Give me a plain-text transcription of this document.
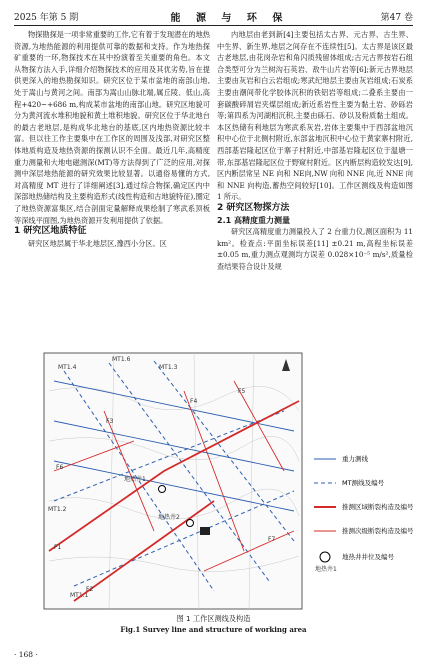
2025 年第 5 期	能 源 与 环 保	第47 卷

物探勘探是一项非常重要的工作,它有着于发现潜在的地热资源,为地热能源的利用提供可靠的数据和支持。作为地热探矿重要的一环,物探技术在其中扮演着至关重要的角色。本文从物探方法入手,详细介绍物探技术的应用及其优劣势,旨在提供更深入的地热勘探知识。研究区位于某市盆地的南部山地,处于嵩山与黄河之间。南部为嵩山山脉北端,属丘陵、低山,高程+420~+686 m,构成某市盆地的南部山地。研究区地貌可分为黄河流水堆积地貌和黄土堆积地貌。研究区位于华北地台的最古老地层,是构成华北地台的基底,区内地热资源比较丰富。但以往工作主要集中在工作区的周围及浅部,对研究区整体地质构造及地热资源的探测认识不全面。最近几年,高精度重力测量和大地电磁测深(MT)等方法得到了广泛的应用,对探测中深层地热能源的研究效果比较显著。以通俗易懂的方式,对高精度 MT 进行了详细阐述[3],通过综合物探,确定区内中深部地热储结构及主要构造形式(线性构造和古地貌特征),圈定了地热资源富集区,结合剖面定量解释成果绘制了寒武系顶板等深线平面图,为地热资源开发利用提供了依据。

1 研究区地质特征

研究区地层属于华北地层区,豫西小分区。区

内地层由老到新[4]主要包括太古界、元古界、古生界、中生界、新生界,地层之间存在不连续性[5]。太古界是该区最古老地层,由花岗杂岩和角闪质残留体组成;古元古界按岩石组合类型可分为兰树沟石英岩、敌牛山片岩等[6];新元古界地层主要由灰岩和白云岩组成;寒武纪地层主要由灰岩组成;石炭系主要由潮间带化学胶体沉积的铁铝岩等组成;二叠系主要由一套碳酸碎屑岩夹煤层组成;新近系岩性主要为黏土岩、砂砾岩等;第四系为河湖相沉积,主要由砾石、砂以及粉质黏土组成。本区热储有利地层为寒武系灰岩,岩体主要集中于西部盆地沉积中心位于北侧村附近,东部盆地沉积中心位于黄家寨村附近,西部基岩隆起区位于寨子村附近,中部基岩隆起区位于温塘一带,东部基岩隆起区位于野窥村附近。区内断层构造较发达[9],区内断层常呈 NE 向和 NE向,NW 向和 NNE 向,近 NNE 向和 NNE 向构造,蓄热空间较好[10]。工作区测线及构造如图 1 所示。

2 研究区物探方法

2.1 高精度重力测量

研究区高精度重力测量投入了 2 台重力仪,测区面积为 11 km²。检查点:平面坐标误差[11] ±0.21 m,高程坐标误差 ±0.05 m,重力测点观测均方误差 0.028×10⁻⁵ m/s²,质量检查结果符合设计及规

MT1.4
MT1.6
MT1.3
MT1.2
MT1.1
F1
F2
F3
F4
F5
F6
F7
地热井1
地热井2
重力测线
MT测线及编号
推测区域断裂构造及编号
推测次级断裂构造及编号
地热井1
地热井井位及编号
图 1 工作区测线及构造
Fig.1 Survey line and structure of working area
· 168 ·
